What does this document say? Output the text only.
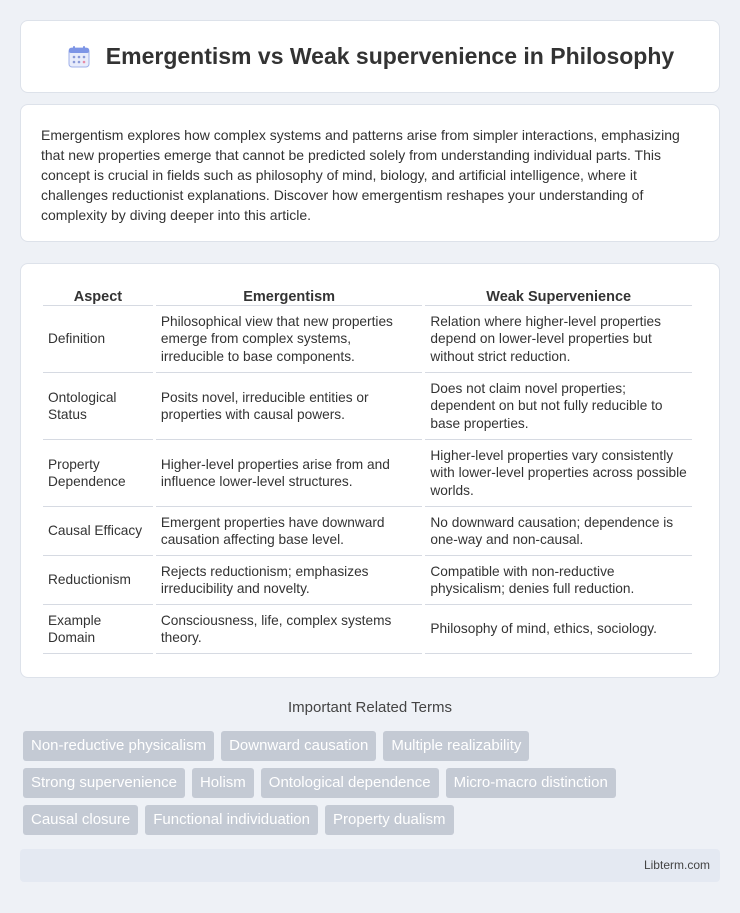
Emergentism vs Weak supervenience in Philosophy

Emergentism explores how complex systems and patterns arise from simpler interactions, emphasizing that new properties emerge that cannot be predicted solely from understanding individual parts. This concept is crucial in fields such as philosophy of mind, biology, and artificial intelligence, where it challenges reductionist explanations. Discover how emergentism reshapes your understanding of complexity by diving deeper into this article.

Aspect	Emergentism	Weak Supervenience
Definition	Philosophical view that new properties emerge from complex systems, irreducible to base components.	Relation where higher-level properties depend on lower-level properties but without strict reduction.
Ontological Status	Posits novel, irreducible entities or properties with causal powers.	Does not claim novel properties; dependent on but not fully reducible to base properties.
Property Dependence	Higher-level properties arise from and influence lower-level structures.	Higher-level properties vary consistently with lower-level properties across possible worlds.
Causal Efficacy	Emergent properties have downward causation affecting base level.	No downward causation; dependence is one-way and non-causal.
Reductionism	Rejects reductionism; emphasizes irreducibility and novelty.	Compatible with non-reductive physicalism; denies full reduction.
Example Domain	Consciousness, life, complex systems theory.	Philosophy of mind, ethics, sociology.
Important Related Terms
Non-reductive physicalism	Downward causation	Multiple realizability
Strong supervenience	Holism	Ontological dependence	Micro-macro distinction
Causal closure	Functional individuation	Property dualism
Libterm.com
